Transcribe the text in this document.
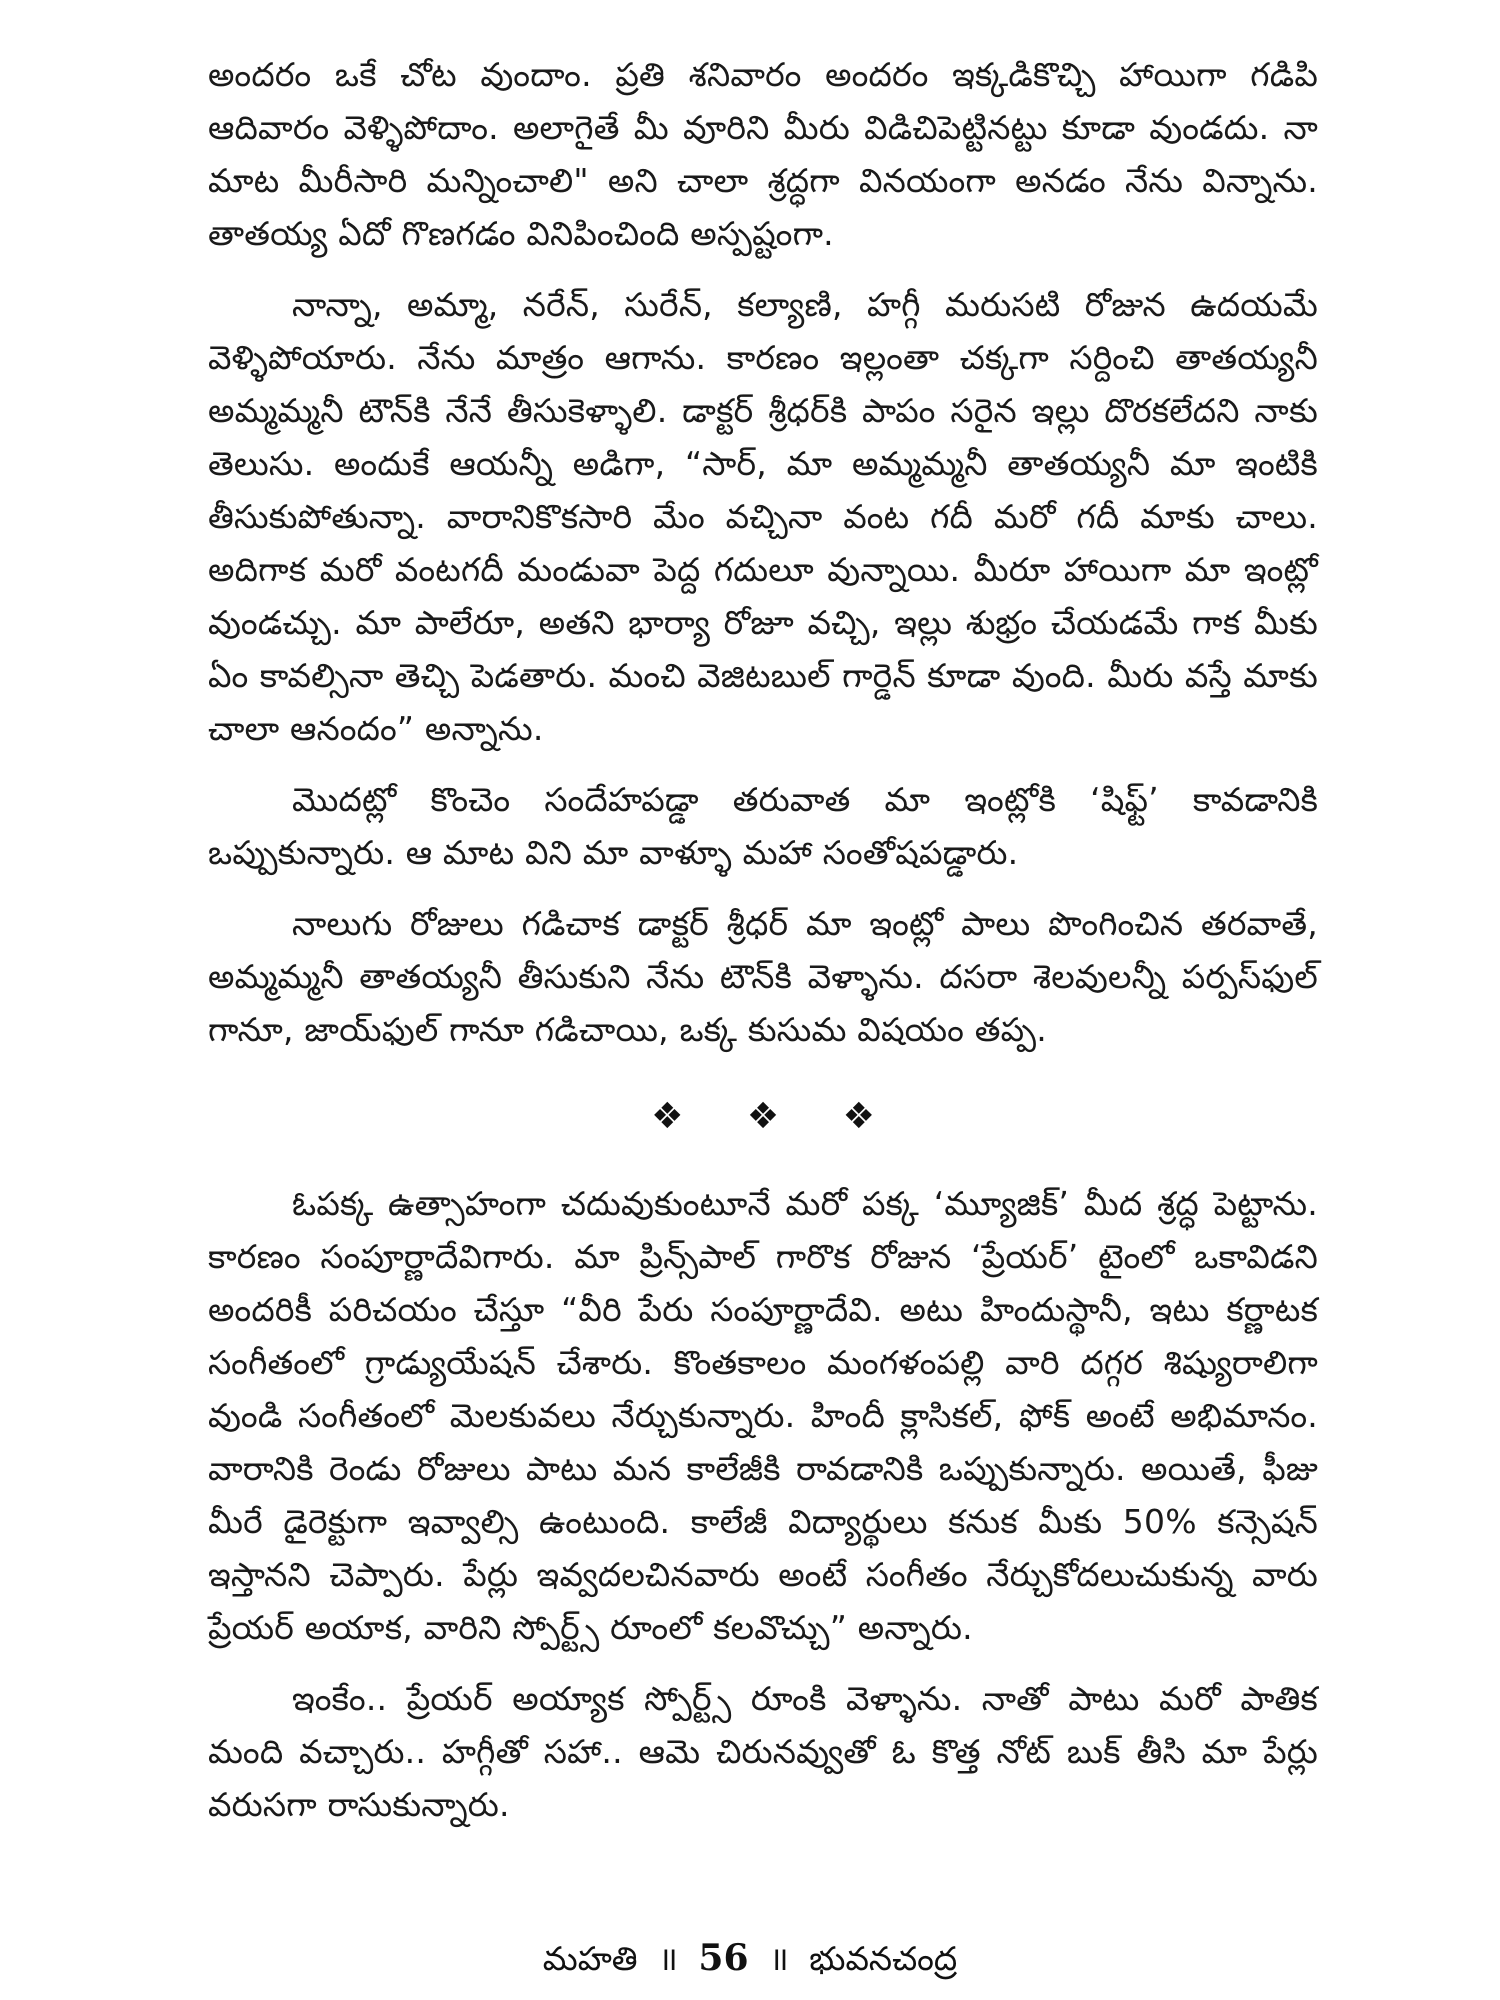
అందరం ఒకే చోట వుందాం. ప్రతి శనివారం అందరం ఇక్కడికొచ్చి హాయిగా గడిపి ఆదివారం వెళ్ళిపోదాం. అలాగైతే మీ వూరిని మీరు విడిచిపెట్టినట్టు కూడా వుండదు. నా మాట మీరీసారి మన్నించాలి" అని చాలా శ్రద్ధగా వినయంగా అనడం నేను విన్నాను. తాతయ్య ఏదో గొణగడం వినిపించింది అస్పష్టంగా.

నాన్నా, అమ్మా, నరేన్, సురేన్, కల్యాణి, హగ్గీ మరుసటి రోజున ఉదయమే వెళ్ళిపోయారు. నేను మాత్రం ఆగాను. కారణం ఇల్లంతా చక్కగా సర్దించి తాతయ్యనీ అమ్మమ్మనీ టౌన్‌కి నేనే తీసుకెళ్ళాలి. డాక్టర్ శ్రీధర్‌కి పాపం సరైన ఇల్లు దొరకలేదని నాకు తెలుసు. అందుకే ఆయన్నీ అడిగా, “సార్, మా అమ్మమ్మనీ తాతయ్యనీ మా ఇంటికి తీసుకుపోతున్నా. వారానికొకసారి మేం వచ్చినా వంట గదీ మరో గదీ మాకు చాలు. అదిగాక మరో వంటగదీ మండువా పెద్ద గదులూ వున్నాయి. మీరూ హాయిగా మా ఇంట్లో వుండచ్చు. మా పాలేరూ, అతని భార్యా రోజూ వచ్చి, ఇల్లు శుభ్రం చేయడమే గాక మీకు ఏం కావల్సినా తెచ్చి పెడతారు. మంచి వెజిటబుల్ గార్డెన్ కూడా వుంది. మీరు వస్తే మాకు చాలా ఆనందం” అన్నాను.

మొదట్లో కొంచెం సందేహపడ్డా తరువాత మా ఇంట్లోకి ‘షిఫ్ట్’ కావడానికి ఒప్పుకున్నారు. ఆ మాట విని మా వాళ్ళూ మహా సంతోషపడ్డారు.

నాలుగు రోజులు గడిచాక డాక్టర్ శ్రీధర్ మా ఇంట్లో పాలు పొంగించిన తరవాతే, అమ్మమ్మనీ తాతయ్యనీ తీసుకుని నేను టౌన్‌కి వెళ్ళాను. దసరా శెలవులన్నీ పర్పస్‌ఫుల్ గానూ, జాయ్‌ఫుల్ గానూ గడిచాయి, ఒక్క కుసుమ విషయం తప్ప.

❖ ❖ ❖

ఓపక్క ఉత్సాహంగా చదువుకుంటూనే మరో పక్క ‘మ్యూజిక్’ మీద శ్రద్ధ పెట్టాను. కారణం సంపూర్ణాదేవిగారు. మా ప్రిన్స్‌పాల్ గారొక రోజున ‘ప్రేయర్’ టైంలో ఒకావిడని అందరికీ పరిచయం చేస్తూ “వీరి పేరు సంపూర్ణాదేవి. అటు హిందుస్థానీ, ఇటు కర్ణాటక సంగీతంలో గ్రాడ్యుయేషన్ చేశారు. కొంతకాలం మంగళంపల్లి వారి దగ్గర శిష్యురాలిగా వుండి సంగీతంలో మెలకువలు నేర్చుకున్నారు. హిందీ క్లాసికల్, ఫోక్ అంటే అభిమానం. వారానికి రెండు రోజులు పాటు మన కాలేజీకి రావడానికి ఒప్పుకున్నారు. అయితే, ఫీజు మీరే డైరెక్టుగా ఇవ్వాల్సి ఉంటుంది. కాలేజీ విద్యార్థులు కనుక మీకు 50% కన్సెషన్ ఇస్తానని చెప్పారు. పేర్లు ఇవ్వదలచినవారు అంటే సంగీతం నేర్చుకోదలుచుకున్న వారు ప్రేయర్ అయాక, వారిని స్పోర్ట్స్ రూంలో కలవొచ్చు” అన్నారు.

ఇంకేం.. ప్రేయర్ అయ్యాక స్పోర్ట్స్ రూంకి వెళ్ళాను. నాతో పాటు మరో పాతిక మంది వచ్చారు.. హగ్గీతో సహా.. ఆమె చిరునవ్వుతో ఓ కొత్త నోట్ బుక్ తీసి మా పేర్లు వరుసగా రాసుకున్నారు.

మహతి ॥ 56 ॥ భువనచంద్ర
